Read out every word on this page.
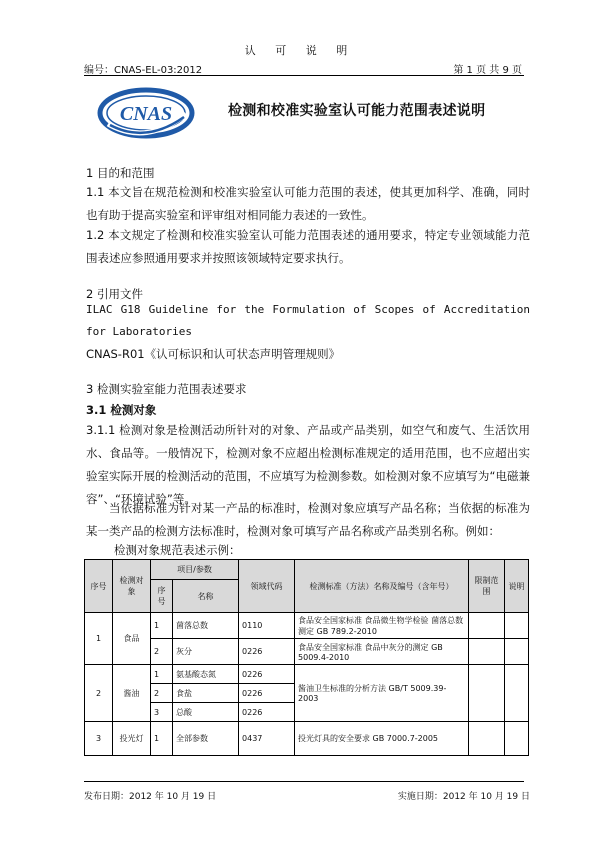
认 可 说 明
编号：CNAS-EL-03:2012	第 1 页 共 9 页
CNAS	检测和校准实验室认可能力范围表述说明
1 目的和范围
1.1 本文旨在规范检测和校准实验室认可能力范围的表述，使其更加科学、准确，同时也有助于提高实验室和评审组对相同能力表述的一致性。
1.2 本文规定了检测和校准实验室认可能力范围表述的通用要求，特定专业领域能力范围表述应参照通用要求并按照该领域特定要求执行。
2 引用文件
ILAC G18 Guideline for the Formulation of Scopes of Accreditation for Laboratories
CNAS-R01《认可标识和认可状态声明管理规则》
3 检测实验室能力范围表述要求
3.1 检测对象
3.1.1 检测对象是检测活动所针对的对象、产品或产品类别，如空气和废气、生活饮用水、食品等。一般情况下，检测对象不应超出检测标准规定的适用范围，也不应超出实验室实际开展的检测活动的范围，不应填写为检测参数。如检测对象不应填写为“电磁兼容”、“环境试验”等。
当依据标准为针对某一产品的标准时，检测对象应填写产品名称；当依据的标准为某一类产品的检测方法标准时，检测对象可填写产品名称或产品类别名称。例如：
检测对象规范表述示例：
序号	检测对象	项目/参数		领域代码	检测标准（方法）名称及编号（含年号）	限制范围	说明
		序号	名称				
1	食品	1	菌落总数	0110	食品安全国家标准 食品微生物学检验 菌落总数测定 GB 789.2-2010		
		2	灰分	0226	食品安全国家标准 食品中灰分的测定 GB 5009.4-2010		
2	酱油	1	氨基酸态氮	0226	酱油卫生标准的分析方法 GB/T 5009.39-2003		
		2	食盐	0226			
		3	总酸	0226			
3	投光灯	1	全部参数	0437	投光灯具的安全要求 GB 7000.7-2005		
发布日期：2012 年 10 月 19 日	实施日期：2012 年 10 月 19 日
